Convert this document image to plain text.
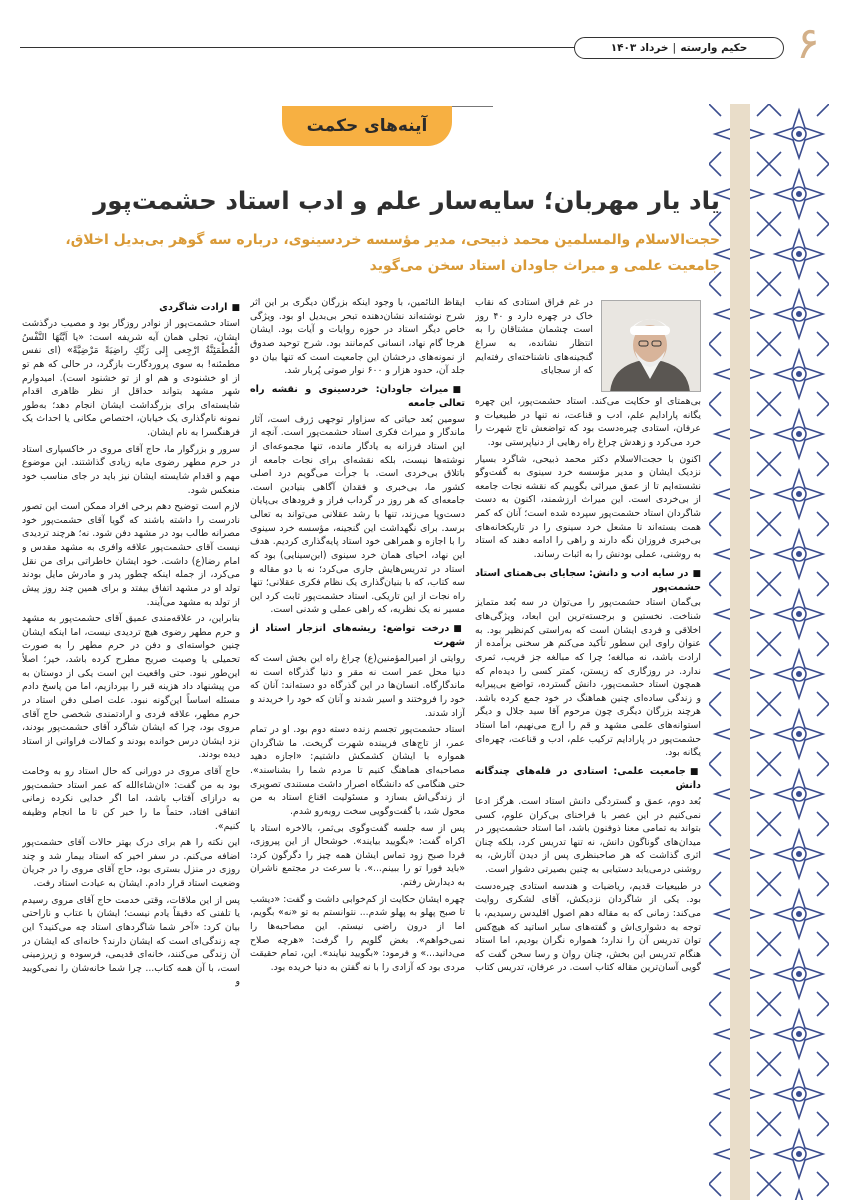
حکیم وارسته
|
خرداد ۱۴۰۳	۶
آینه‌های حکمت
یاد یار مهربان؛ سایه‌سار علم و ادب استاد حشمت‌پور
حجت‌الاسلام والمسلمین محمد ذبیحی، مدیر مؤسسه خردسینوی، درباره سه گوهر بی‌بدیل اخلاق، جامعیت علمی و میراث جاودان استاد سخن می‌گوید

در غم فراق استادی که نقاب خاک در چهره دارد و ۴۰ روز است چشمان مشتاقان را به انتظار نشانده، به سراغ گنجینه‌های ناشناخته‌ای رفته‌ایم که از سجایای

بی‌همتای او حکایت می‌کند. استاد حشمت‌پور، این چهره یگانه پارادایم علم، ادب و قناعت، نه تنها در طبیعیات و عرفان، استادی چیره‌دست بود که تواضعش تاج شهرت را خرد می‌کرد و زهدش چراغ راه رهایی از دنیاپرستی بود.

اکنون با حجت‌الاسلام دکتر محمد ذبیحی، شاگرد بسیار نزدیک ایشان و مدیر مؤسسه خرد سینوی به گفت‌وگو نشسته‌ایم تا از عمق میراثی بگوییم که نقشه نجات جامعه از بی‌خردی است. این میراث ارزشمند، اکنون به دست شاگردان استاد حشمت‌پور سپرده شده است؛ آنان که کمر همت بسته‌اند تا مشعل خرد سینوی را در تاریکخانه‌های بی‌خبری فروزان نگه دارند و راهی را ادامه دهند که استاد به روشنی، عملی بودنش را به اثبات رساند.

■ در سایه ادب و دانش: سجایای بی‌همتای استاد حشمت‌پور

بی‌گمان استاد حشمت‌پور را می‌توان در سه بُعد متمایز شناخت. نخستین و برجسته‌ترین این ابعاد، ویژگی‌های اخلاقی و فردی ایشان است که به‌راستی کم‌نظیر بود. به عنوان راوی این سطور تأکید می‌کنم هر سخنی برآمده از ارادت باشد، نه مبالغه؛ چرا که مبالغه جز فریب، ثمری ندارد. در روزگاری که زیستن، کمتر کسی را دیده‌ام که همچون استاد حشمت‌پور، دانش گسترده، تواضع بی‌پیرایه و زندگی ساده‌ای چنین هماهنگ در خود جمع کرده باشد. هرچند بزرگان دیگری چون مرحوم آقا سید جلال و دیگر استوانه‌های علمی مشهد و قم را ارج می‌نهیم، اما استاد حشمت‌پور در پارادایم ترکیب علم، ادب و قناعت، چهره‌ای یگانه بود.

■ جامعیت علمی: استادی در قله‌های چندگانه دانش

بُعد دوم، عمق و گستردگی دانش استاد است. هرگز ادعا نمی‌کنیم در این عصر با فراخنای بی‌کران علوم، کسی بتواند به تمامی معنا ذوفنون باشد، اما استاد حشمت‌پور در میدان‌های گوناگون دانش، نه تنها تدریس کرد، بلکه چنان اثری گذاشت که هر صاحبنظری پس از دیدن آثارش، به روشنی درمی‌یابد دستیابی به چنین بصیرتی دشوار است.

در طبیعیات قدیم، ریاضیات و هندسه استادی چیره‌دست بود. یکی از شاگردان نزدیکش، آقای لشکری روایت می‌کند: زمانی که به مقاله دهم اصول اقلیدس رسیدیم، با توجه به دشواری‌اش و گفته‌های سایر اساتید که هیچ‌کس توان تدریس آن را ندارد؛ همواره نگران بودیم، اما استاد هنگام تدریس این بخش، چنان روان و رسا سخن گفت که گویی آسان‌ترین مقاله کتاب است. در عرفان، تدریس کتاب

ایقاظ النائمین، با وجود اینکه بزرگان دیگری بر این اثر شرح نوشته‌اند نشان‌دهنده تبحر بی‌بدیل او بود. ویژگی خاص دیگر استاد در حوزه روایات و آیات بود. ایشان هرجا گام نهاد، انسانی کم‌مانند بود. شرح توحید صدوق از نمونه‌های درخشان این جامعیت است که تنها بیان دو جلد آن، حدود هزار و ۶۰۰ نوار صوتی پُربار شد.

■ میراث جاودان: خردسینوی و نقشه راه تعالی جامعه

سومین بُعد حیاتی که سزاوار توجهی ژرف است، آثار ماندگار و میراث فکری استاد حشمت‌پور است. آنچه از این استاد فرزانه به یادگار مانده، تنها مجموعه‌ای از نوشته‌ها نیست، بلکه نقشه‌ای برای نجات جامعه از باتلاق بی‌خردی است. با جرأت می‌گویم درد اصلی کشور ما، بی‌خبری و فقدان آگاهی بنیادین است. جامعه‌ای که هر روز در گرداب فراز و فرودهای بی‌پایان دست‌وپا می‌زند، تنها با رشد عقلانی می‌تواند به تعالی برسد. برای نگهداشت این گنجینه، مؤسسه خرد سینوی را با اجازه و همراهی خود استاد پایه‌گذاری کردیم. هدف این نهاد، احیای همان خرد سینوی (ابن‌سینایی) بود که استاد در تدریس‌هایش جاری می‌کرد؛ نه با دو مقاله و سه کتاب، که با بنیان‌گذاری یک نظام فکری عقلانی؛ تنها راه نجات از این تاریکی. استاد حشمت‌پور ثابت کرد این مسیر نه یک نظریه، که راهی عملی و شدنی است.

■ درخت تواضع: ریشه‌های انزجار استاد از شهرت

روایتی از امیرالمؤمنین(ع) چراغ راه این بخش است که دنیا محل عمر است نه مقر و دنیا گذرگاه است نه ماندگارگاه. انسان‌ها در این گذرگاه دو دسته‌اند: آنان که خود را فروختند و اسیر شدند و آنان که خود را خریدند و آزاد شدند.

استاد حشمت‌پور تجسم زنده دسته دوم بود. او در تمام عمر، از تاج‌های فریبنده شهرت گریخت. ما شاگردان همواره با ایشان کشمکش داشتیم: «اجازه دهید مصاحبه‌ای هماهنگ کنیم تا مردم شما را بشناسند». حتی هنگامی که دانشگاه اصرار داشت مستندی تصویری از زندگی‌اش بسازد و مسئولیت اقناع استاد به من محول شد، با گفت‌وگویی سخت روبه‌رو شدم.

پس از سه جلسه گفت‌وگوی بی‌ثمر، بالاخره استاد با اکراه گفت: «بگویید بیایند». خوشحال از این پیروزی، فردا صبح زود تماس ایشان همه چیز را دگرگون کرد: «باید فورا تو را ببینم...». با سرعت در مجتمع ناشران به دیدارش رفتم.

چهره ایشان حکایت از کم‌خوابی داشت و گفت: «دیشب تا صبح پهلو به پهلو شدم... نتوانستم به تو «نه» بگویم، اما از درون راضی نیستم. این مصاحبه‌ها را نمی‌خواهم». بغض گلویم را گرفت: «هرچه صلاح می‌دانید...» و فرمود: «بگویید نیایند». این، تمام حقیقت مردی بود که آزادی را با نه گفتن به دنیا خریده بود.

■ ارادت شاگردی

استاد حشمت‌پور از نوادر روزگار بود و مصیب درگذشت ایشان، تجلی همان آیه شریفه است: «یا اَیَّتُهَا النَّفْسُ الْمُطْمَئِنَّةُ ارْجِعی إِلی رَبِّكِ راضِیَةً مَرْضِیَّةً» (ای نفس مطمئنه! به سوی پروردگارت بازگرد، در حالی که هم تو از او خشنودی و هم او از تو خشنود است). امیدوارم شهر مشهد بتواند حداقل از نظر ظاهری اقدام شایسته‌ای برای بزرگداشت ایشان انجام دهد؛ به‌طور نمونه نام‌گذاری یک خیابان، اختصاص مکانی یا احداث یک فرهنگسرا به نام ایشان.

سرور و بزرگوار ما، حاج آقای مروی در خاکسپاری استاد در حرم مطهر رضوی مایه زیادی گذاشتند. این موضوع مهم و اقدام شایسته ایشان نیز باید در جای مناسب خود منعکس شود.

لازم است توضیح دهم برخی افراد ممکن است این تصور نادرست را داشته باشند که گویا آقای حشمت‌پور خود مصرانه طالب بود در مشهد دفن شود. نه؛ هرچند تردیدی نیست آقای حشمت‌پور علاقه وافری به مشهد مقدس و امام رضا(ع) داشت. خود ایشان خاطراتی برای من نقل می‌کرد، از جمله اینکه چطور پدر و مادرش مایل بودند تولد او در مشهد اتفاق بیفتد و برای همین چند روز پیش از تولد به مشهد می‌آیند.

بنابراین، در علاقه‌مندی عمیق آقای حشمت‌پور به مشهد و حرم مطهر رضوی هیچ تردیدی نیست، اما اینکه ایشان چنین خواسته‌ای و دفن در حرم مطهر را به صورت تحمیلی یا وصیت صریح مطرح کرده باشد، خیر؛ اصلاً این‌طور نبود. حتی واقعیت این است یکی از دوستان به من پیشنهاد داد هزینه قبر را بپردازیم، اما من پاسخ دادم مسئله اساساً این‌گونه نبود. علت اصلی دفن استاد در حرم مطهر، علاقه فردی و ارادتمندی شخصی حاج آقای مروی بود، چرا که ایشان شاگرد آقای حشمت‌پور بودند، نزد ایشان درس خوانده بودند و کمالات فراوانی از استاد دیده بودند.

حاج آقای مروی در دورانی که حال استاد رو به وخامت بود به من گفت: «ان‌شاءالله که عمر استاد حشمت‌پور به درازای آفتاب باشد، اما اگر خدایی نکرده زمانی اتفاقی افتاد، حتماً ما را خبر کن تا ما انجام وظیفه کنیم».

این نکته را هم برای درک بهتر حالات آقای حشمت‌پور اضافه می‌کنم. در سفر اخیر که استاد بیمار شد و چند روزی در منزل بستری بود، حاج آقای مروی را در جریان وضعیت استاد قرار دادم. ایشان به عیادت استاد رفت.

پس از این ملاقات، وقتی خدمت حاج آقای مروی رسیدم یا تلفنی که دقیقاً یادم نیست؛ ایشان با عتاب و ناراحتی بیان کرد: «آخر شما شاگردهای استاد چه می‌کنید؟ این چه زندگی‌ای است که ایشان دارند؟ خانه‌ای که ایشان در آن زندگی می‌کنند، خانه‌ای قدیمی، فرسوده و زیرزمینی است، با آن همه کتاب... چرا شما خانه‌شان را نمی‌کویید و
